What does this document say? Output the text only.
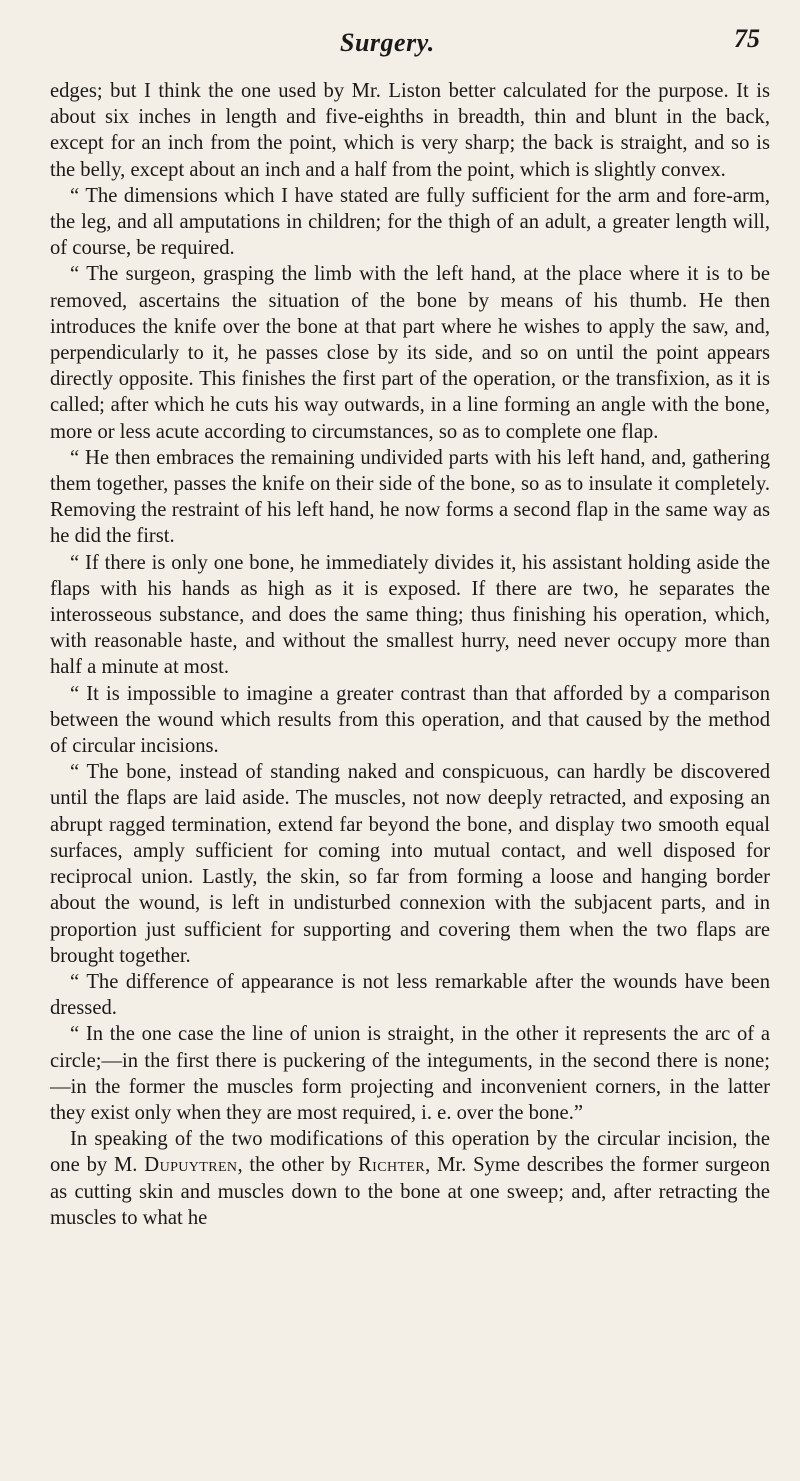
Surgery.	75

edges; but I think the one used by Mr. Liston better calculated for the purpose. It is about six inches in length and five-eighths in breadth, thin and blunt in the back, except for an inch from the point, which is very sharp; the back is straight, and so is the belly, except about an inch and a half from the point, which is slightly convex.

“ The dimensions which I have stated are fully sufficient for the arm and fore-arm, the leg, and all amputations in children; for the thigh of an adult, a greater length will, of course, be required.

“ The surgeon, grasping the limb with the left hand, at the place where it is to be removed, ascertains the situation of the bone by means of his thumb. He then introduces the knife over the bone at that part where he wishes to apply the saw, and, perpendicularly to it, he passes close by its side, and so on until the point appears directly opposite. This finishes the first part of the operation, or the transfixion, as it is called; after which he cuts his way outwards, in a line forming an angle with the bone, more or less acute according to circumstances, so as to complete one flap.

“ He then embraces the remaining undivided parts with his left hand, and, gathering them together, passes the knife on their side of the bone, so as to insulate it completely. Removing the restraint of his left hand, he now forms a second flap in the same way as he did the first.

“ If there is only one bone, he immediately divides it, his assistant holding aside the flaps with his hands as high as it is exposed. If there are two, he separates the interosseous substance, and does the same thing; thus finishing his operation, which, with reasonable haste, and without the smallest hurry, need never occupy more than half a minute at most.

“ It is impossible to imagine a greater contrast than that afforded by a comparison between the wound which results from this operation, and that caused by the method of circular incisions.

“ The bone, instead of standing naked and conspicuous, can hardly be discovered until the flaps are laid aside. The muscles, not now deeply retracted, and exposing an abrupt ragged termination, extend far beyond the bone, and display two smooth equal surfaces, amply sufficient for coming into mutual contact, and well disposed for reciprocal union. Lastly, the skin, so far from forming a loose and hanging border about the wound, is left in undisturbed connexion with the subjacent parts, and in proportion just sufficient for supporting and covering them when the two flaps are brought together.

“ The difference of appearance is not less remarkable after the wounds have been dressed.

“ In the one case the line of union is straight, in the other it represents the arc of a circle;—in the first there is puckering of the integuments, in the second there is none;—in the former the muscles form projecting and inconvenient corners, in the latter they exist only when they are most required, i. e. over the bone.”

In speaking of the two modifications of this operation by the circular incision, the one by M. Dupuytren, the other by Richter, Mr. Syme describes the former surgeon as cutting skin and muscles down to the bone at one sweep; and, after retracting the muscles to what he
